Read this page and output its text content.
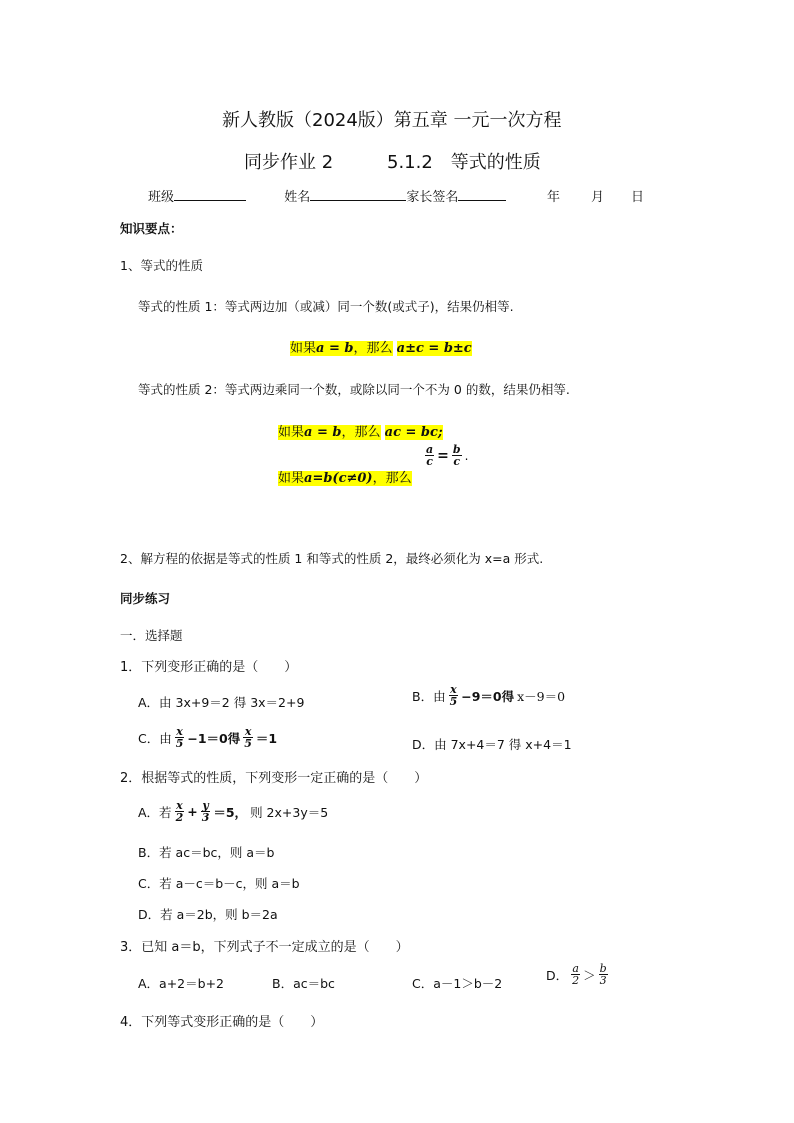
新人教版（2024版）第五章 一元一次方程
同步作业 2	5.1.2　等式的性质
班级	姓名	家长签名	年 月 日
知识要点：
1、等式的性质
等式的性质 1：等式两边加（或减）同一个数(或式子)，结果仍相等.
如果a = b，那么 a±c = b±c
等式的性质 2：等式两边乘同一个数，或除以同一个不为 0 的数，结果仍相等.
如果a = b，那么 ac = bc;
如果a=b(c≠0)，那么
$\frac{a}{c} = \frac{b}{c}$ .
2、解方程的依据是等式的性质 1 和等式的性质 2，最终必须化为 x=a 形式.
同步练习
一．选择题
1．下列变形正确的是（　　）
A．由 3x+9＝2 得 3x＝2+9	B．由 $\frac{x}{5} -9=0$得 x－9＝0
C．由 $\frac{x}{5} -1=0$得 $\frac{x}{5} =1$	D．由 7x+4＝7 得 x+4＝1
2．根据等式的性质，下列变形一定正确的是（　　）
A．若 $\frac{x}{2} + \frac{y}{3} =5$， 则 2x+3y＝5
B．若 ac＝bc，则 a＝b
C．若 a－c＝b－c，则 a＝b
D．若 a＝2b，则 b＝2a
3．已知 a＝b，下列式子不一定成立的是（　　）
A．a+2＝b+2	B．ac＝bc	C．a－1＞b－2
D． $\frac{a}{2} > \frac{b}{3}$
4．下列等式变形正确的是（　　）
